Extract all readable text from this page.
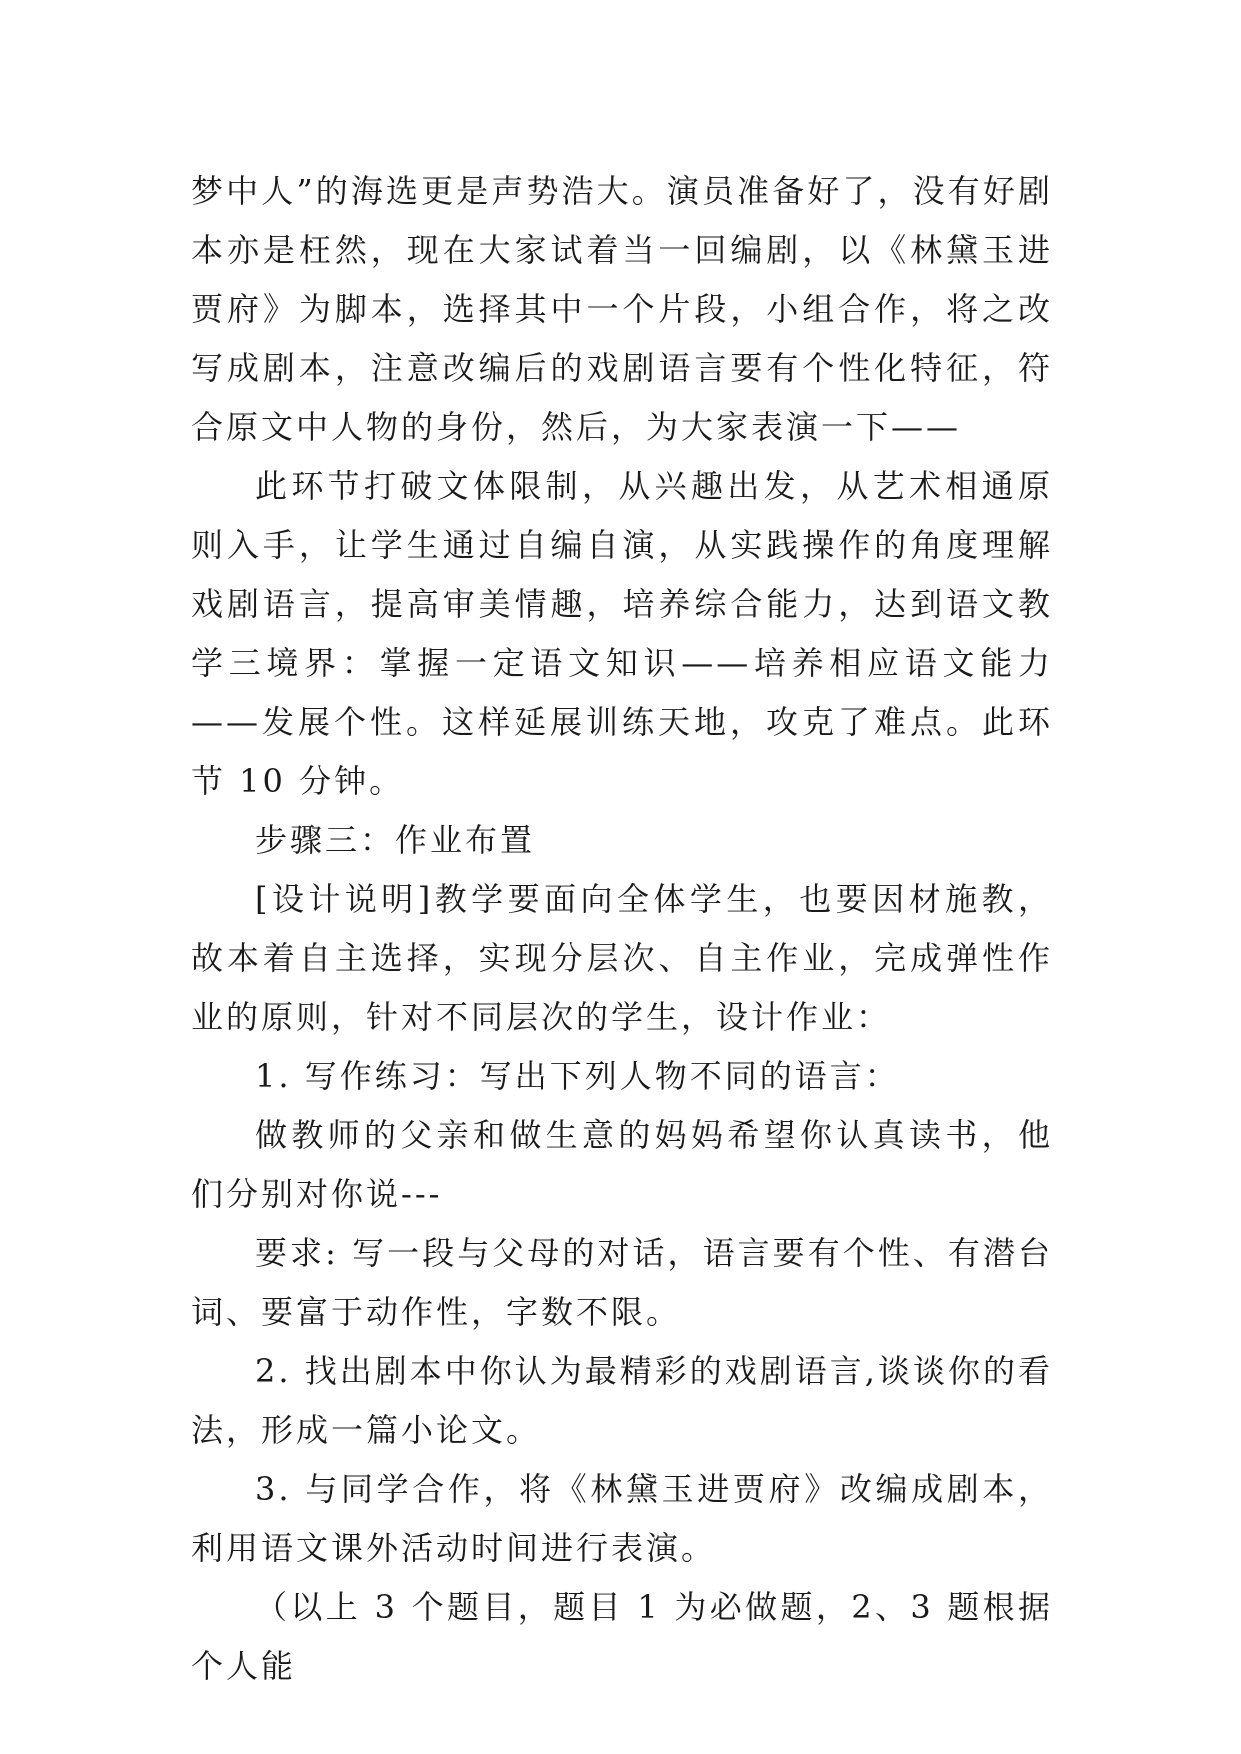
梦中人”的海选更是声势浩大。演员准备好了，没有好剧本亦是枉然，现在大家试着当一回编剧，以《林黛玉进贾府》为脚本，选择其中一个片段，小组合作，将之改写成剧本，注意改编后的戏剧语言要有个性化特征，符合原文中人物的身份，然后，为大家表演一下——

此环节打破文体限制，从兴趣出发，从艺术相通原则入手，让学生通过自编自演，从实践操作的角度理解戏剧语言，提高审美情趣，培养综合能力，达到语文教学三境界：掌握一定语文知识——培养相应语文能力——发展个性。这样延展训练天地，攻克了难点。此环节 10 分钟。

步骤三：作业布置

[设计说明]教学要面向全体学生，也要因材施教，故本着自主选择，实现分层次、自主作业，完成弹性作业的原则，针对不同层次的学生，设计作业：

1. 写作练习：写出下列人物不同的语言：

做教师的父亲和做生意的妈妈希望你认真读书，他们分别对你说---

要求: 写一段与父母的对话，语言要有个性、有潜台词、要富于动作性，字数不限。

2. 找出剧本中你认为最精彩的戏剧语言,谈谈你的看法，形成一篇小论文。

3. 与同学合作，将《林黛玉进贾府》改编成剧本，利用语文课外活动时间进行表演。

（以上 3 个题目，题目 1 为必做题，2、3 题根据个人能
